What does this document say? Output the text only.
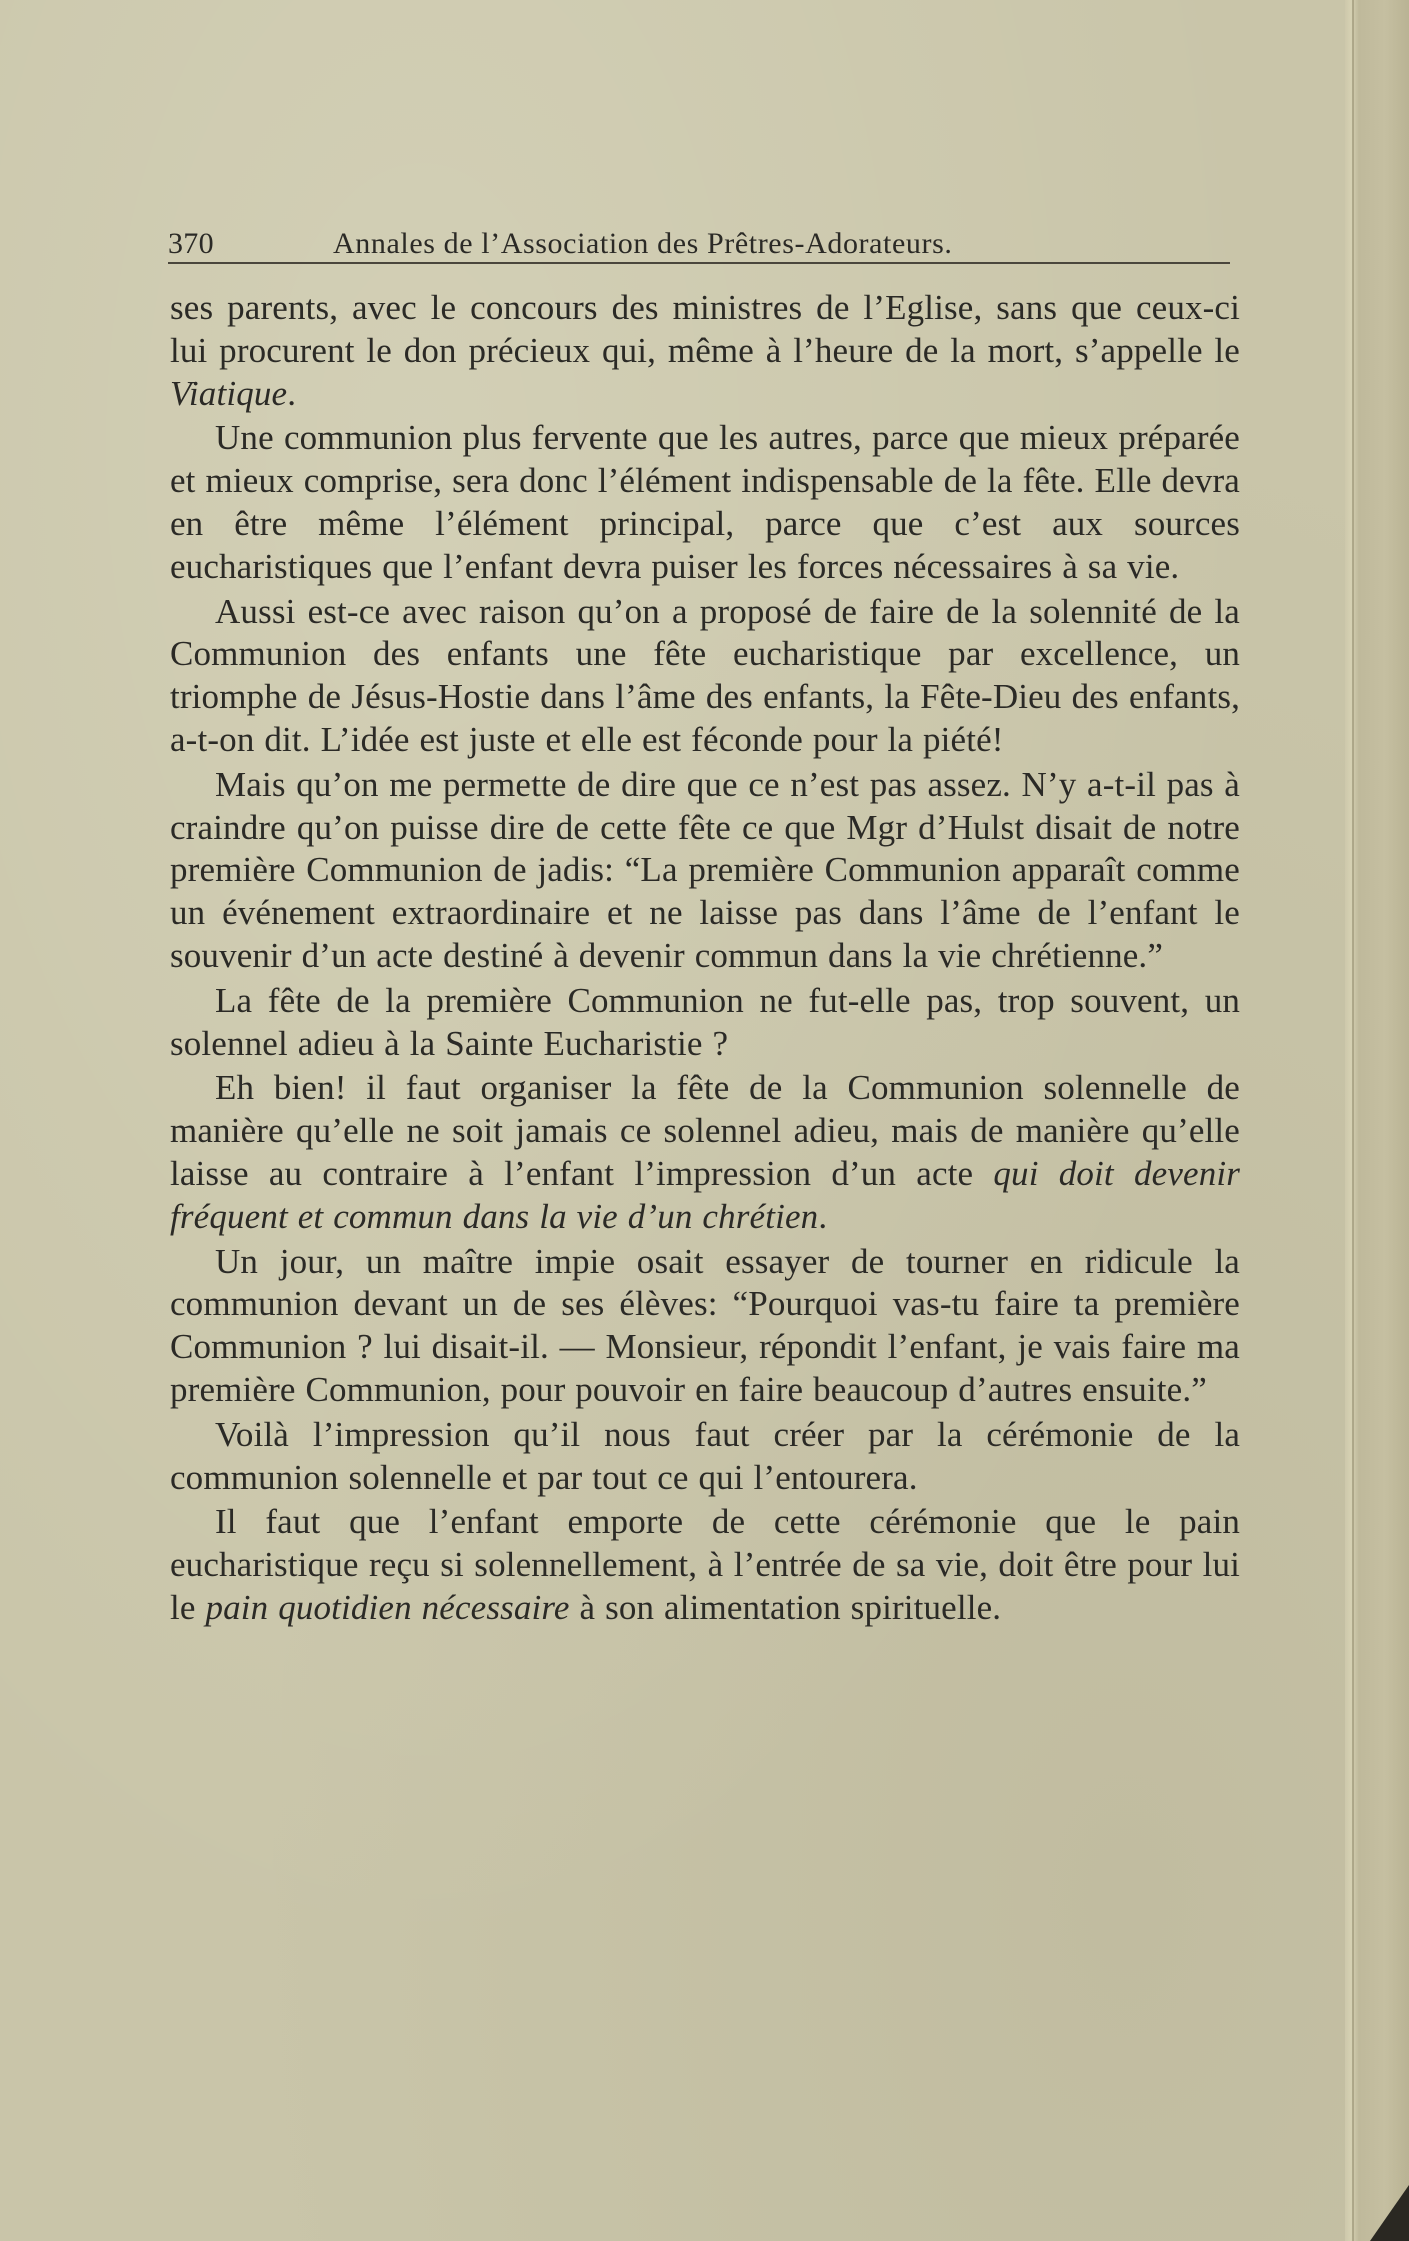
370	Annales de l’Association des Prêtres-Adorateurs.

ses parents, avec le concours des ministres de l’Eglise, sans que ceux-ci lui procurent le don précieux qui, même à l’heure de la mort, s’appelle le Viatique.

Une communion plus fervente que les autres, parce que mieux préparée et mieux comprise, sera donc l’élément indispensable de la fête. Elle devra en être même l’élément principal, parce que c’est aux sources eucharistiques que l’enfant devra puiser les forces nécessaires à sa vie.

Aussi est-ce avec raison qu’on a proposé de faire de la solennité de la Communion des enfants une fête eucharistique par excellence, un triomphe de Jésus-Hostie dans l’âme des enfants, la Fête-Dieu des enfants, a-t-on dit. L’idée est juste et elle est féconde pour la piété!

Mais qu’on me permette de dire que ce n’est pas assez. N’y a-t-il pas à craindre qu’on puisse dire de cette fête ce que Mgr d’Hulst disait de notre première Communion de jadis: “La première Communion apparaît comme un événement extraordinaire et ne laisse pas dans l’âme de l’enfant le souvenir d’un acte destiné à devenir commun dans la vie chrétienne.”

La fête de la première Communion ne fut-elle pas, trop souvent, un solennel adieu à la Sainte Eucharistie ?

Eh bien! il faut organiser la fête de la Communion solennelle de manière qu’elle ne soit jamais ce solennel adieu, mais de manière qu’elle laisse au contraire à l’enfant l’impression d’un acte qui doit devenir fréquent et commun dans la vie d’un chrétien.

Un jour, un maître impie osait essayer de tourner en ridicule la communion devant un de ses élèves: “Pourquoi vas-tu faire ta première Communion ? lui disait-il. — Monsieur, répondit l’enfant, je vais faire ma première Communion, pour pouvoir en faire beaucoup d’autres ensuite.”

Voilà l’impression qu’il nous faut créer par la cérémonie de la communion solennelle et par tout ce qui l’entourera.

Il faut que l’enfant emporte de cette cérémonie que le pain eucharistique reçu si solennellement, à l’entrée de sa vie, doit être pour lui le pain quotidien nécessaire à son alimentation spirituelle.
